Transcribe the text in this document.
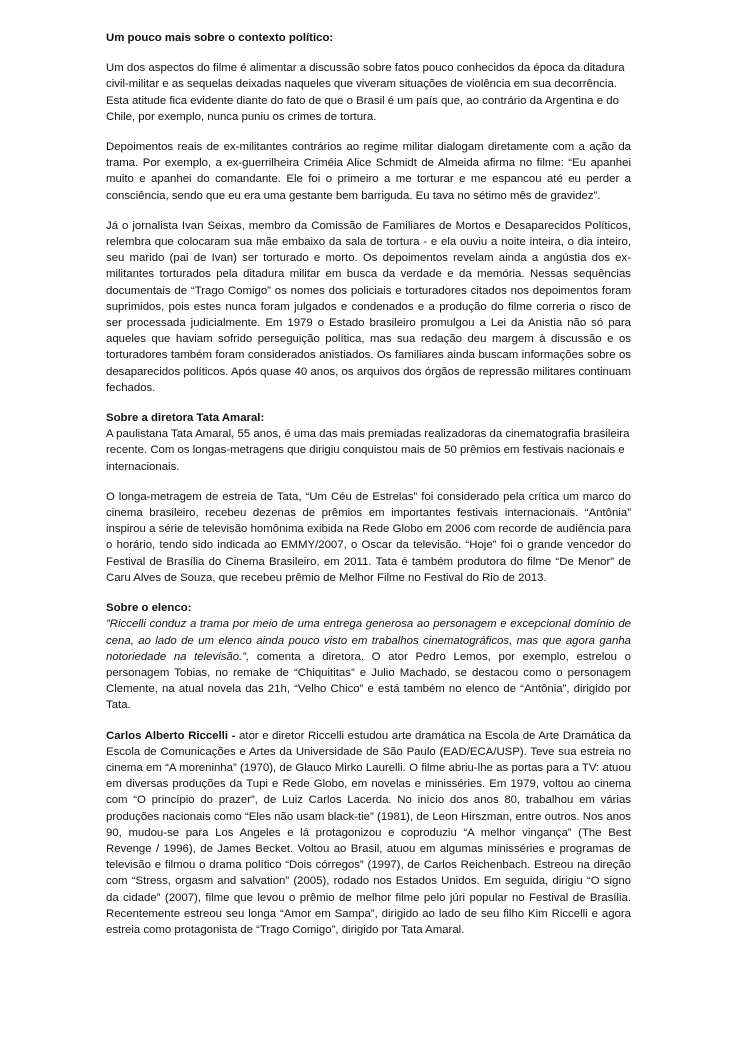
Um pouco mais sobre o contexto político:

Um dos aspectos do filme é alimentar a discussão sobre fatos pouco conhecidos da época da ditadura civil-militar e as sequelas deixadas naqueles que viveram situações de violência em sua decorrência. Esta atitude fica evidente diante do fato de que o Brasil é um país que, ao contrário da Argentina e do Chile, por exemplo, nunca puniu os crimes de tortura.

Depoimentos reais de ex-militantes contrários ao regime militar dialogam diretamente com a ação da trama. Por exemplo, a ex-guerrilheira Criméia Alice Schmidt de Almeida afirma no filme: “Eu apanhei muito e apanhei do comandante. Ele foi o primeiro a me torturar e me espancou até eu perder a consciência, sendo que eu era uma gestante bem barriguda. Eu tava no sétimo mês de gravidez”.

Já o jornalista Ivan Seixas, membro da Comissão de Familiares de Mortos e Desaparecidos Políticos, relembra que colocaram sua mãe embaixo da sala de tortura - e ela ouviu a noite inteira, o dia inteiro, seu marido (pai de Ivan) ser torturado e morto. Os depoimentos revelam ainda a angústia dos ex-militantes torturados pela ditadura militar em busca da verdade e da memória. Nessas sequências documentais de “Trago Comigo” os nomes dos policiais e torturadores citados nos depoimentos foram suprimidos, pois estes nunca foram julgados e condenados e a produção do filme correria o risco de ser processada judicialmente. Em 1979 o Estado brasileiro promulgou a Lei da Anistia não só para aqueles que haviam sofrido perseguição política, mas sua redação deu margem à discussão e os torturadores também foram considerados anistiados. Os familiares ainda buscam informações sobre os desaparecidos políticos. Após quase 40 anos, os arquivos dos órgãos de repressão militares continuam fechados.

Sobre a diretora Tata Amaral:

A paulistana Tata Amaral, 55 anos, é uma das mais premiadas realizadoras da cinematografia brasileira recente. Com os longas-metragens que dirigiu conquistou mais de 50 prêmios em festivais nacionais e internacionais.

O longa-metragem de estreia de Tata, “Um Céu de Estrelas” foi considerado pela crítica um marco do cinema brasileiro, recebeu dezenas de prêmios em importantes festivais internacionais. “Antônia” inspirou a série de televisão homônima exibida na Rede Globo em 2006 com recorde de audiência para o horário, tendo sido indicada ao EMMY/2007, o Oscar da televisão. “Hoje” foi o grande vencedor do Festival de Brasília do Cinema Brasileiro, em 2011. Tata é também produtora do filme “De Menor” de Caru Alves de Souza, que recebeu prêmio de Melhor Filme no Festival do Rio de 2013.

Sobre o elenco:

”Riccelli conduz a trama por meio de uma entrega generosa ao personagem e excepcional domínio de cena, ao lado de um elenco ainda pouco visto em trabalhos cinematográficos, mas que agora ganha notoriedade na televisão.”, comenta a diretora. O ator Pedro Lemos, por exemplo, estrelou o personagem Tobias, no remake de “Chiquititas” e Julio Machado, se destacou como o personagem Clemente, na atual novela das 21h, “Velho Chico” e está também no elenco de “Antônia”, dirigido por Tata.

Carlos Alberto Riccelli - ator e diretor Riccelli estudou arte dramática na Escola de Arte Dramática da Escola de Comunicações e Artes da Universidade de São Paulo (EAD/ECA/USP). Teve sua estreia no cinema em “A moreninha” (1970), de Glauco Mirko Laurelli. O filme abriu-lhe as portas para a TV: atuou em diversas produções da Tupi e Rede Globo, em novelas e minisséries. Em 1979, voltou ao cinema com “O princípio do prazer”, de Luiz Carlos Lacerda. No início dos anos 80, trabalhou em várias produções nacionais como “Eles não usam black-tie” (1981), de Leon Hirszman, entre outros. Nos anos 90, mudou-se para Los Angeles e lá protagonizou e coproduziu “A melhor vingança” (The Best Revenge / 1996), de James Becket. Voltou ao Brasil, atuou em algumas minisséries e programas de televisão e filmou o drama político “Dois córregos” (1997), de Carlos Reichenbach. Estreou na direção com “Stress, orgasm and salvation” (2005), rodado nos Estados Unidos. Em seguida, dirigiu “O signo da cidade” (2007), filme que levou o prêmio de melhor filme pelo júri popular no Festival de Brasília. Recentemente estreou seu longa “Amor em Sampa”, dirigido ao lado de seu filho Kim Riccelli e agora estreia como protagonista de “Trago Comigo”, dirigido por Tata Amaral.
